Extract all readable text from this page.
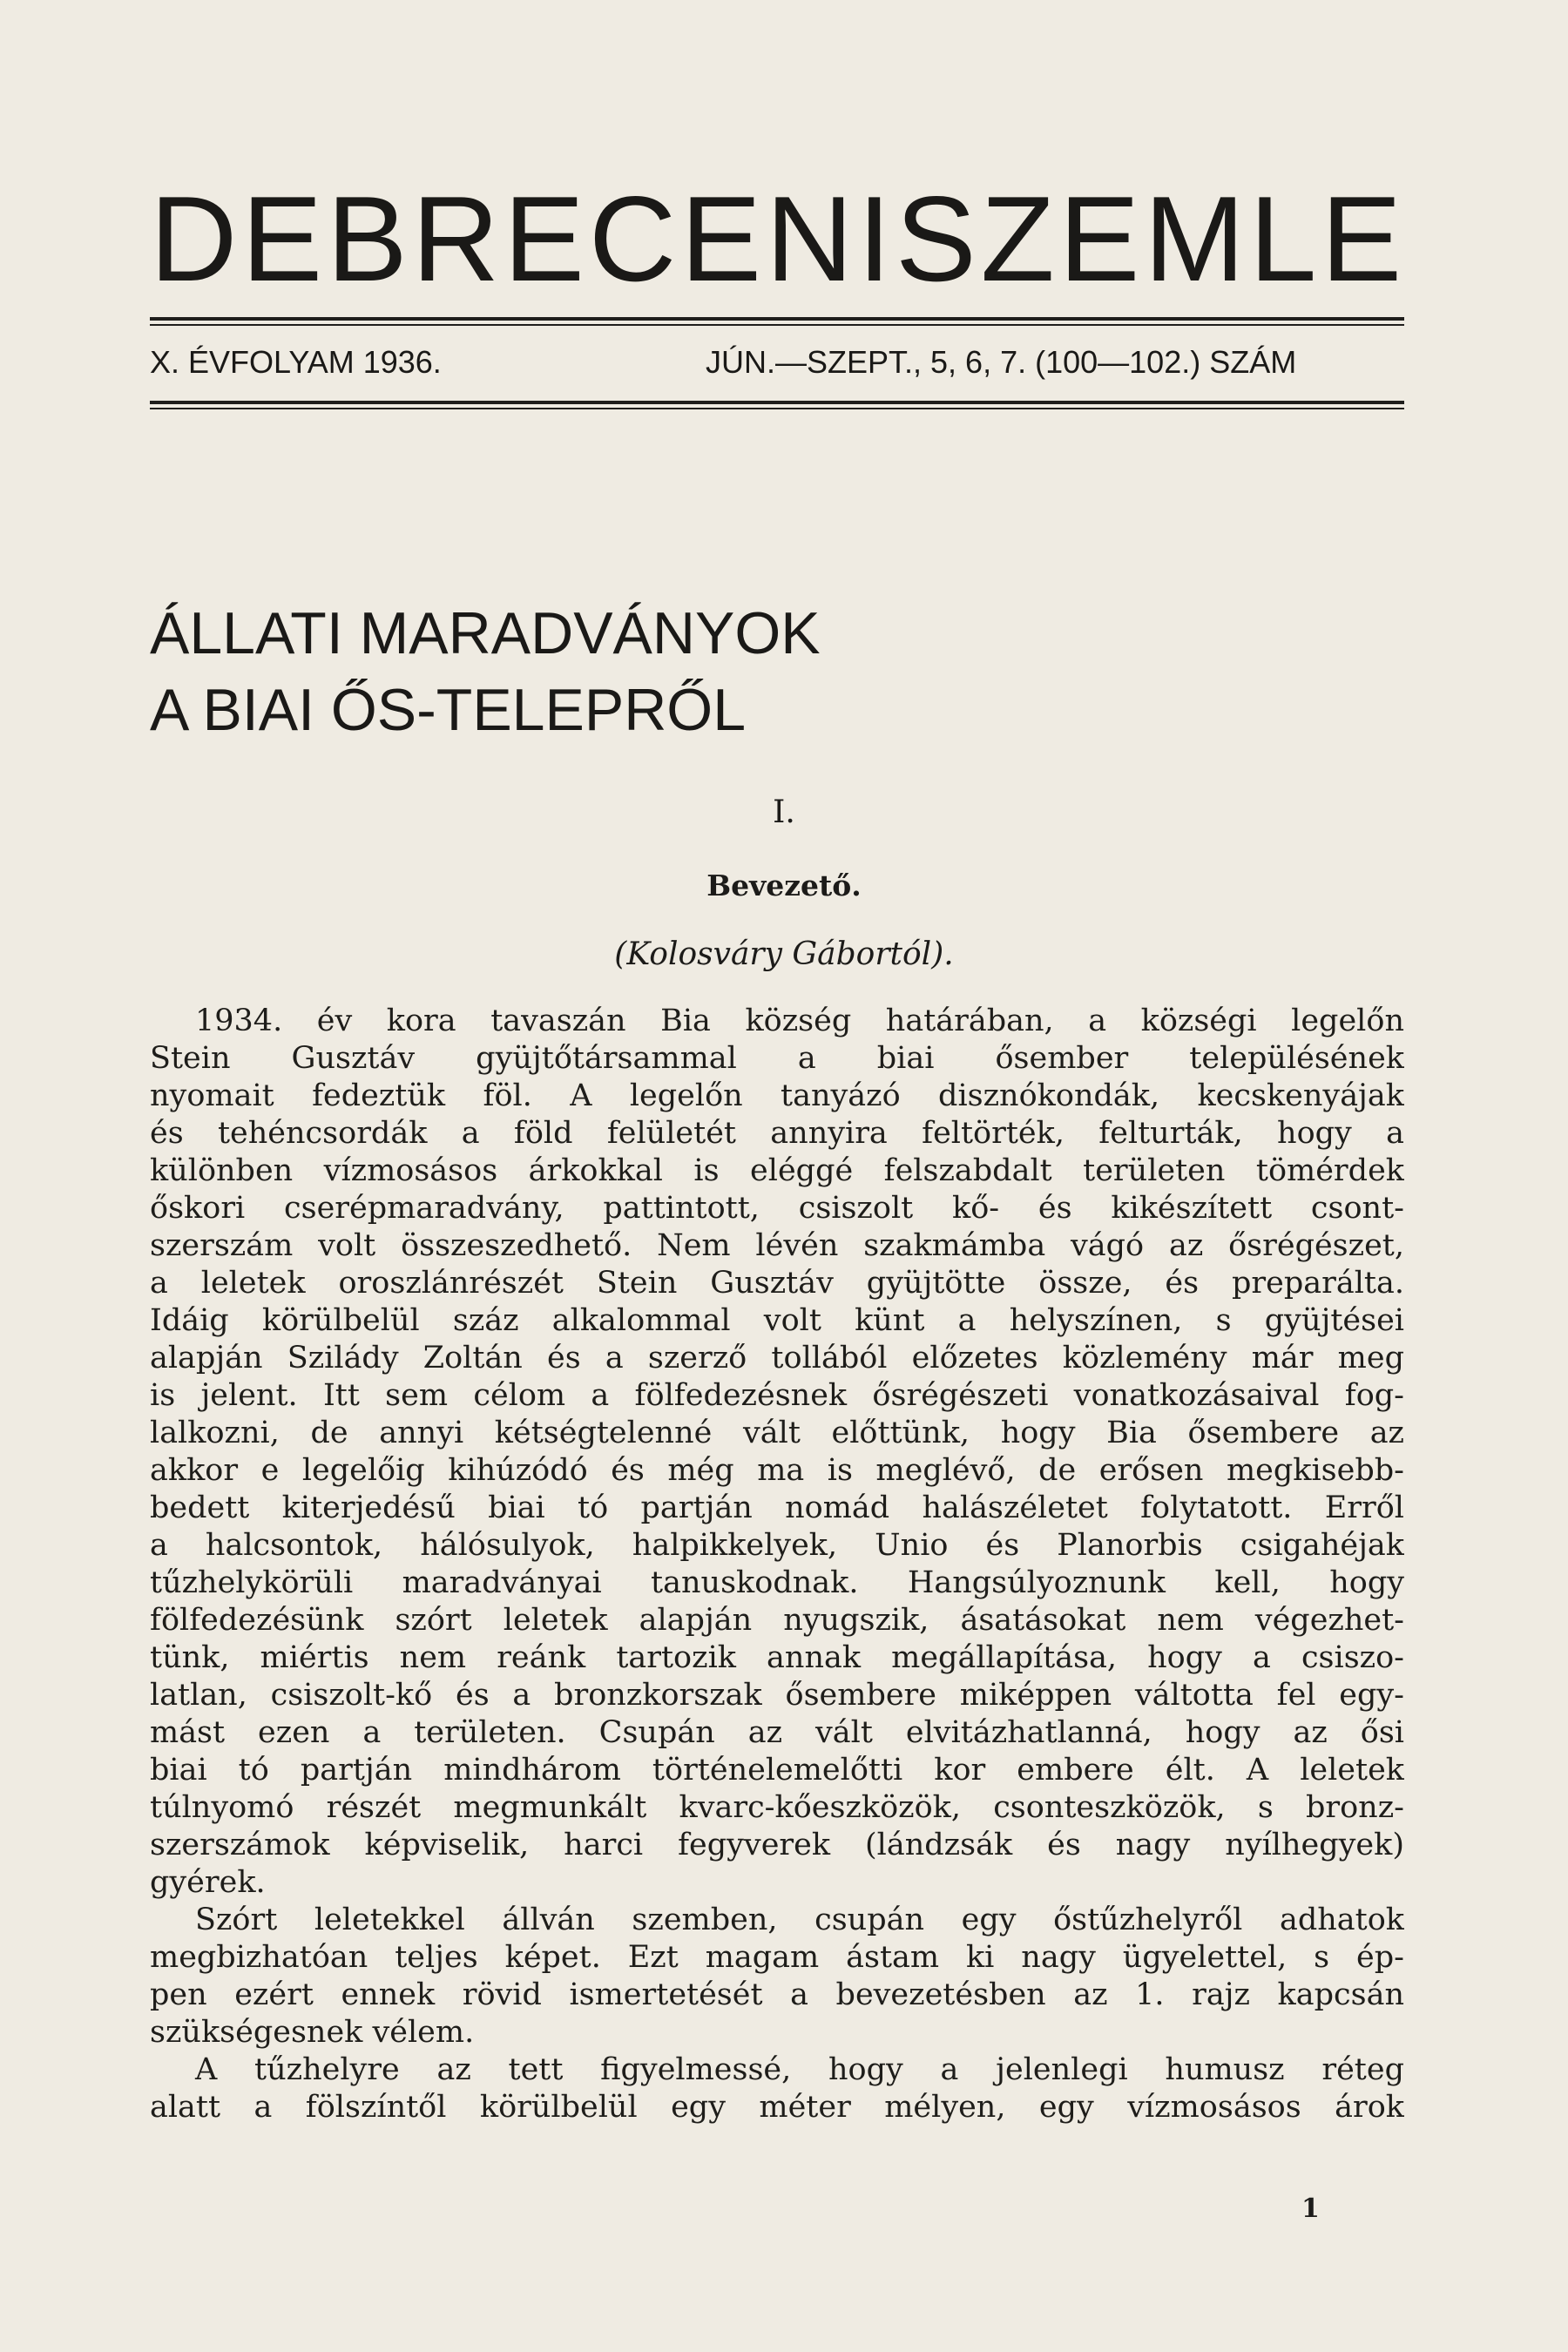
DEBRECENI SZEMLE
X. ÉVFOLYAM 1936.	JÚN.—SZEPT., 5, 6, 7. (100—102.) SZÁM
ÁLLATI MARADVÁNYOK
A BIAI ŐS-TELEPRŐL
I.
Bevezető.
(Kolosváry Gábortól).
1934. év kora tavaszán Bia község határában, a községi legelőn
Stein Gusztáv gyüjtőtársammal a biai ősember településének
nyomait fedeztük föl. A legelőn tanyázó disznókondák, kecskenyájak
és tehéncsordák a föld felületét annyira feltörték, felturták, hogy a
különben vízmosásos árkokkal is eléggé felszabdalt területen tömérdek
őskori cserépmaradvány, pattintott, csiszolt kő- és kikészített csont-
szerszám volt összeszedhető. Nem lévén szakmámba vágó az ősrégészet,
a leletek oroszlánrészét Stein Gusztáv gyüjtötte össze, és preparálta.
Idáig körülbelül száz alkalommal volt künt a helyszínen, s gyüjtései
alapján Szilády Zoltán és a szerző tollából előzetes közlemény már meg
is jelent. Itt sem célom a fölfedezésnek ősrégészeti vonatkozásaival fog-
lalkozni, de annyi kétségtelenné vált előttünk, hogy Bia ősembere az
akkor e legelőig kihúzódó és még ma is meglévő, de erősen megkisebb-
bedett kiterjedésű biai tó partján nomád halászéletet folytatott. Erről
a halcsontok, hálósulyok, halpikkelyek, Unio és Planorbis csigahéjak
tűzhelykörüli maradványai tanuskodnak. Hangsúlyoznunk kell, hogy
fölfedezésünk szórt leletek alapján nyugszik, ásatásokat nem végezhet-
tünk, miértis nem reánk tartozik annak megállapítása, hogy a csiszo-
latlan, csiszolt-kő és a bronzkorszak ősembere miképpen váltotta fel egy-
mást ezen a területen. Csupán az vált elvitázhatlanná, hogy az ősi
biai tó partján mindhárom történelemelőtti kor embere élt. A leletek
túlnyomó részét megmunkált kvarc-kőeszközök, csonteszközök, s bronz-
szerszámok képviselik, harci fegyverek (lándzsák és nagy nyílhegyek)
gyérek.
Szórt leletekkel állván szemben, csupán egy őstűzhelyről adhatok
megbizhatóan teljes képet. Ezt magam ástam ki nagy ügyelettel, s ép-
pen ezért ennek rövid ismertetését a bevezetésben az 1. rajz kapcsán
szükségesnek vélem.
A tűzhelyre az tett figyelmessé, hogy a jelenlegi humusz réteg
alatt a fölszíntől körülbelül egy méter mélyen, egy vízmosásos árok
1
